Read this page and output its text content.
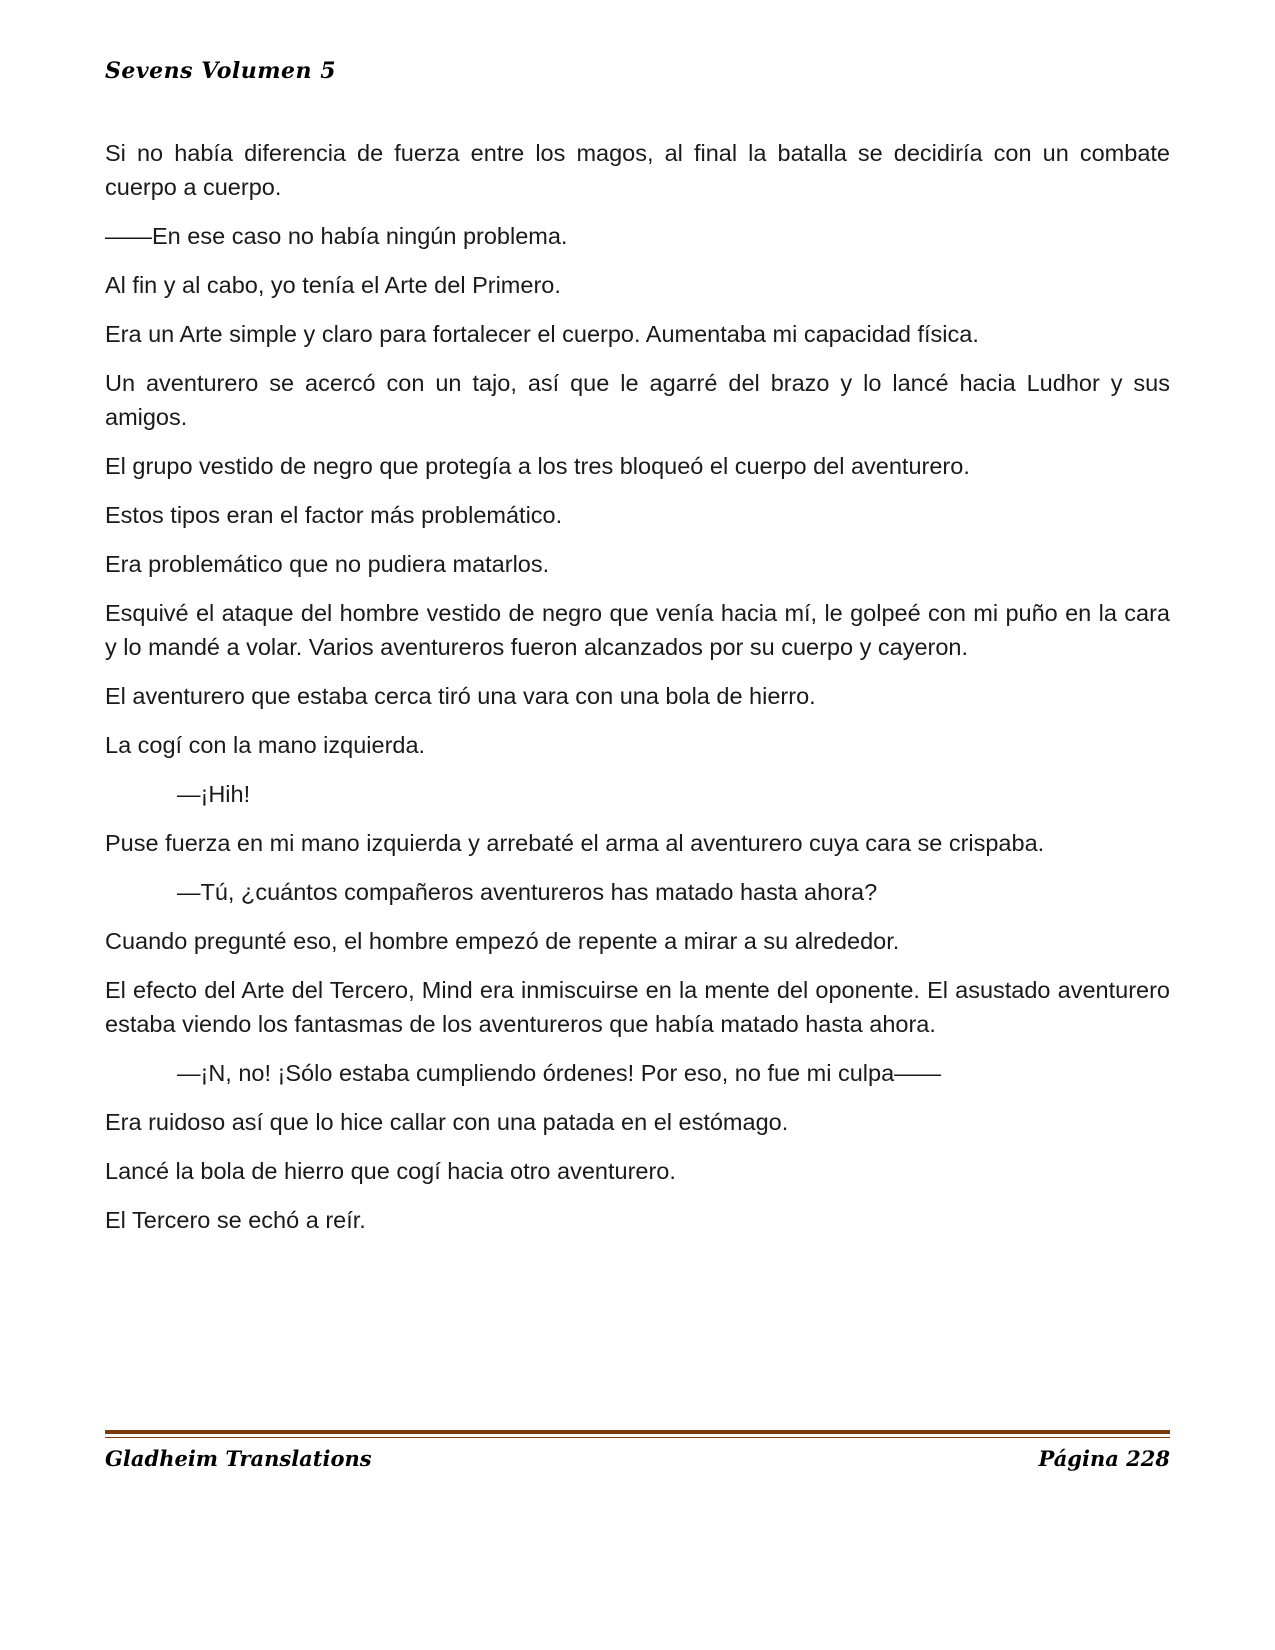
Sevens Volumen 5

Si no había diferencia de fuerza entre los magos, al final la batalla se decidiría con un combate cuerpo a cuerpo.

——En ese caso no había ningún problema.

Al fin y al cabo, yo tenía el Arte del Primero.

Era un Arte simple y claro para fortalecer el cuerpo. Aumentaba mi capacidad física.

Un aventurero se acercó con un tajo, así que le agarré del brazo y lo lancé hacia Ludhor y sus amigos.

El grupo vestido de negro que protegía a los tres bloqueó el cuerpo del aventurero.

Estos tipos eran el factor más problemático.

Era problemático que no pudiera matarlos.

Esquivé el ataque del hombre vestido de negro que venía hacia mí, le golpeé con mi puño en la cara y lo mandé a volar. Varios aventureros fueron alcanzados por su cuerpo y cayeron.

El aventurero que estaba cerca tiró una vara con una bola de hierro.

La cogí con la mano izquierda.

—¡Hih!

Puse fuerza en mi mano izquierda y arrebaté el arma al aventurero cuya cara se crispaba.

—Tú, ¿cuántos compañeros aventureros has matado hasta ahora?

Cuando pregunté eso, el hombre empezó de repente a mirar a su alrededor.

El efecto del Arte del Tercero, Mind era inmiscuirse en la mente del oponente. El asustado aventurero estaba viendo los fantasmas de los aventureros que había matado hasta ahora.

—¡N, no! ¡Sólo estaba cumpliendo órdenes! Por eso, no fue mi culpa——

Era ruidoso así que lo hice callar con una patada en el estómago.

Lancé la bola de hierro que cogí hacia otro aventurero.

El Tercero se echó a reír.

Gladheim Translations	Página 228
